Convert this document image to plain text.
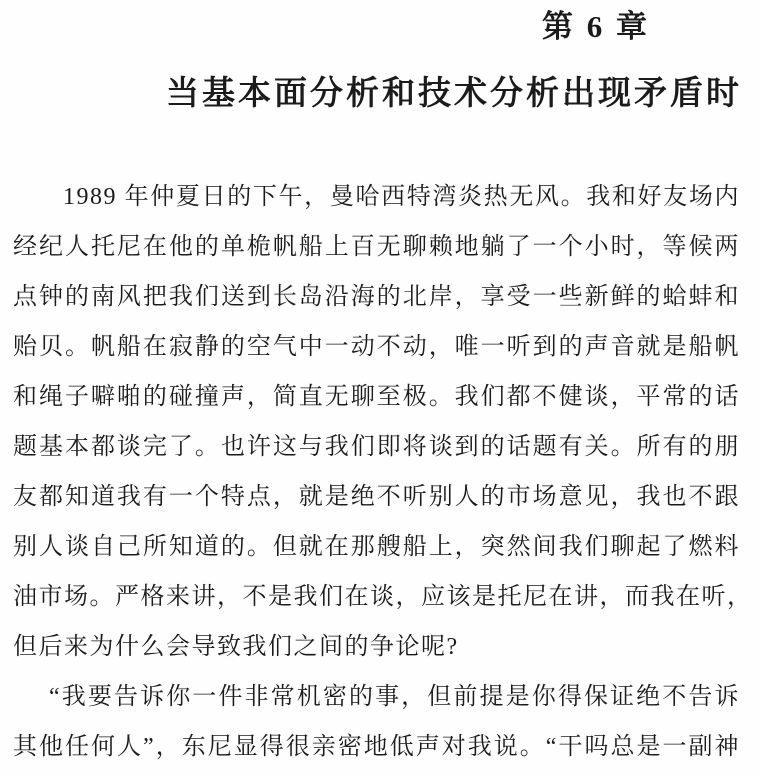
第 6 章
当基本面分析和技术分析出现矛盾时
1989 年仲夏日的下午，曼哈西特湾炎热无风。我和好友场内
经纪人托尼在他的单桅帆船上百无聊赖地躺了一个小时，等候两
点钟的南风把我们送到长岛沿海的北岸，享受一些新鲜的蛤蚌和
贻贝。帆船在寂静的空气中一动不动，唯一听到的声音就是船帆
和绳子噼啪的碰撞声，简直无聊至极。我们都不健谈，平常的话
题基本都谈完了。也许这与我们即将谈到的话题有关。所有的朋
友都知道我有一个特点，就是绝不听别人的市场意见，我也不跟
别人谈自己所知道的。但就在那艘船上，突然间我们聊起了燃料
油市场。严格来讲，不是我们在谈，应该是托尼在讲，而我在听，
但后来为什么会导致我们之间的争论呢?
“我要告诉你一件非常机密的事，但前提是你得保证绝不告诉
其他任何人”，东尼显得很亲密地低声对我说。“干吗总是一副神
